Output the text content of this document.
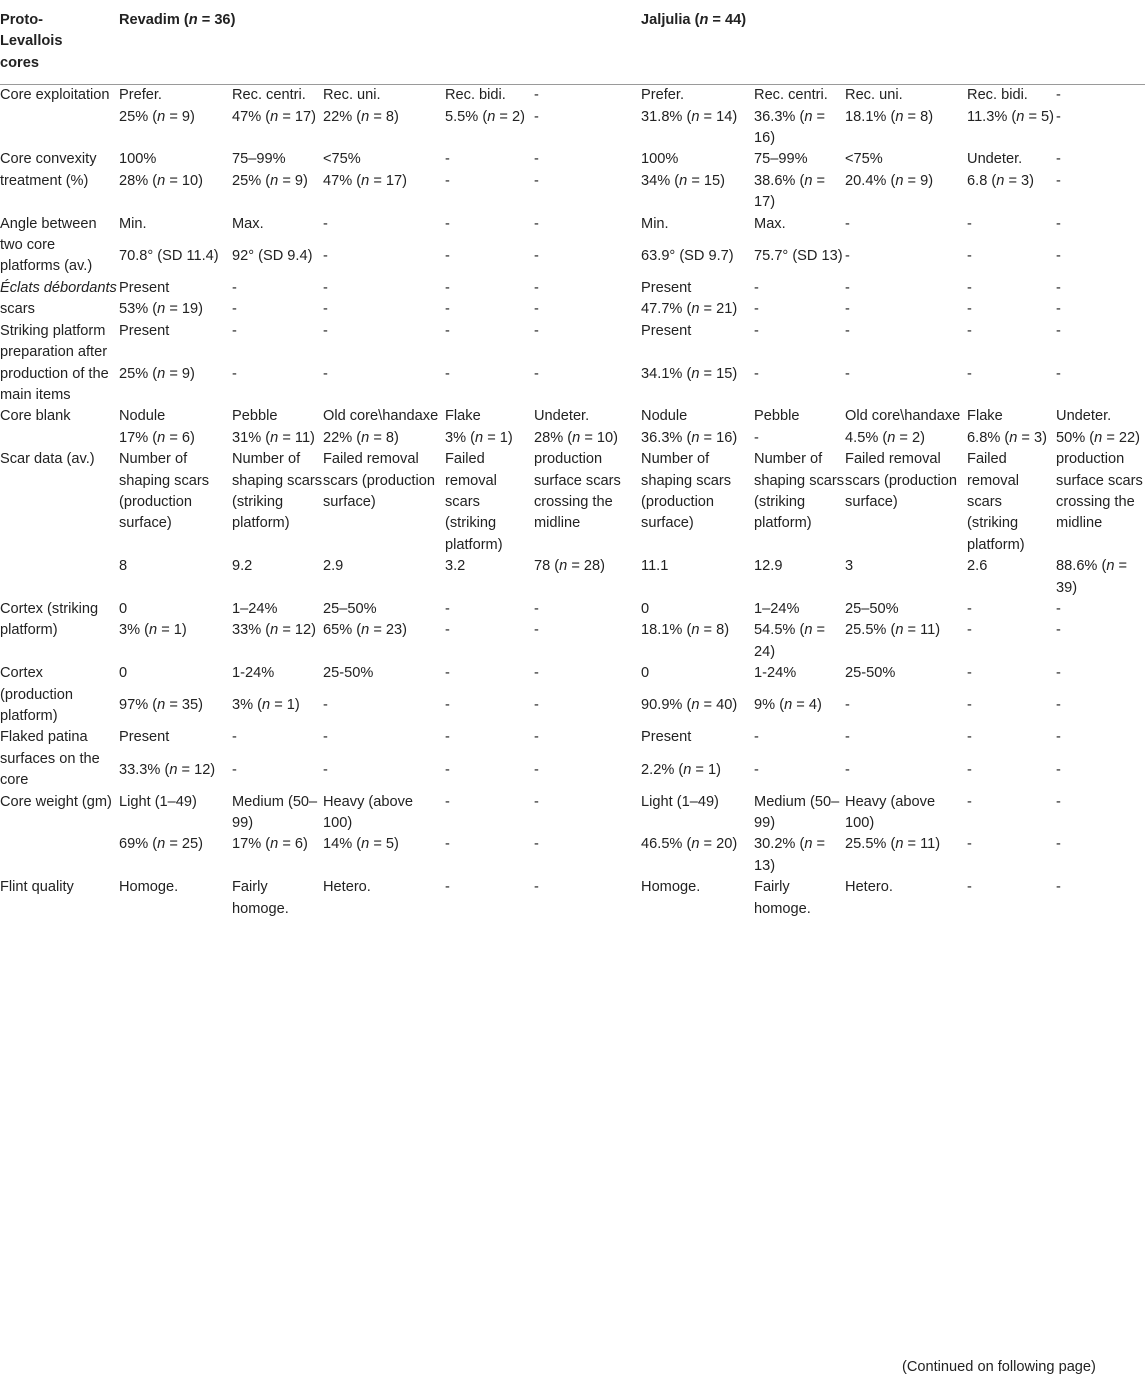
Proto-
Levallois
cores	Revadim (n = 36)					Jaljulia (n = 44)				
Core exploitation	Prefer.	Rec. centri.	Rec. uni.	Rec. bidi.	-	Prefer.	Rec. centri.	Rec. uni.	Rec. bidi.	-
	25% (n = 9)	47% (n = 17)	22% (n = 8)	5.5% (n = 2)	-	31.8% (n = 14)	36.3% (n = 16)	18.1% (n = 8)	11.3% (n = 5)	-
Core convexity treatment (%)	100%	75–99%	<75%	-	-	100%	75–99%	<75%	Undeter.	-
	28% (n = 10)	25% (n = 9)	47% (n = 17)	-	-	34% (n = 15)	38.6% (n = 17)	20.4% (n = 9)	6.8 (n = 3)	-
Angle between two core platforms (av.)	Min.	Max.	-	-	-	Min.	Max.	-	-	-
	70.8° (SD 11.4)	92° (SD 9.4)	-	-	-	63.9° (SD 9.7)	75.7° (SD 13)	-	-	-
Éclats débordants scars	Present	-	-	-	-	Present	-	-	-	-
	53% (n = 19)	-	-	-	-	47.7% (n = 21)	-	-	-	-
Striking platform preparation after production of the main items	Present	-	-	-	-	Present	-	-	-	-
	25% (n = 9)	-	-	-	-	34.1% (n = 15)	-	-	-	-
Core blank	Nodule	Pebble	Old core\handaxe	Flake	Undeter.	Nodule	Pebble	Old core\handaxe	Flake	Undeter.
	17% (n = 6)	31% (n = 11)	22% (n = 8)	3% (n = 1)	28% (n = 10)	36.3% (n = 16)	-	4.5% (n = 2)	6.8% (n = 3)	50% (n = 22)
Scar data (av.)	Number of shaping scars (production surface)	Number of shaping scars (striking platform)	Failed removal scars (production surface)	Failed removal scars (striking platform)	production surface scars crossing the midline	Number of shaping scars (production surface)	Number of shaping scars (striking platform)	Failed removal scars (production surface)	Failed removal scars (striking platform)	production surface scars crossing the midline
	8	9.2	2.9	3.2	78 (n = 28)	11.1	12.9	3	2.6	88.6% (n = 39)
Cortex (striking platform)	0	1–24%	25–50%	-	-	0	1–24%	25–50%	-	-
	3% (n = 1)	33% (n = 12)	65% (n = 23)	-	-	18.1% (n = 8)	54.5% (n = 24)	25.5% (n = 11)	-	-
Cortex (production platform)	0	1-24%	25-50%	-	-	0	1-24%	25-50%	-	-
	97% (n = 35)	3% (n = 1)	-	-	-	90.9% (n = 40)	9% (n = 4)	-	-	-
Flaked patina surfaces on the core	Present	-	-	-	-	Present	-	-	-	-
	33.3% (n = 12)	-	-	-	-	2.2% (n = 1)	-	-	-	-
Core weight (gm)	Light (1–49)	Medium (50–99)	Heavy (above 100)	-	-	Light (1–49)	Medium (50–99)	Heavy (above 100)	-	-
	69% (n = 25)	17% (n = 6)	14% (n = 5)	-	-	46.5% (n = 20)	30.2% (n = 13)	25.5% (n = 11)	-	-
Flint quality	Homoge.	Fairly homoge.	Hetero.	-	-	Homoge.	Fairly homoge.	Hetero.	-	-
(Continued on following page)
